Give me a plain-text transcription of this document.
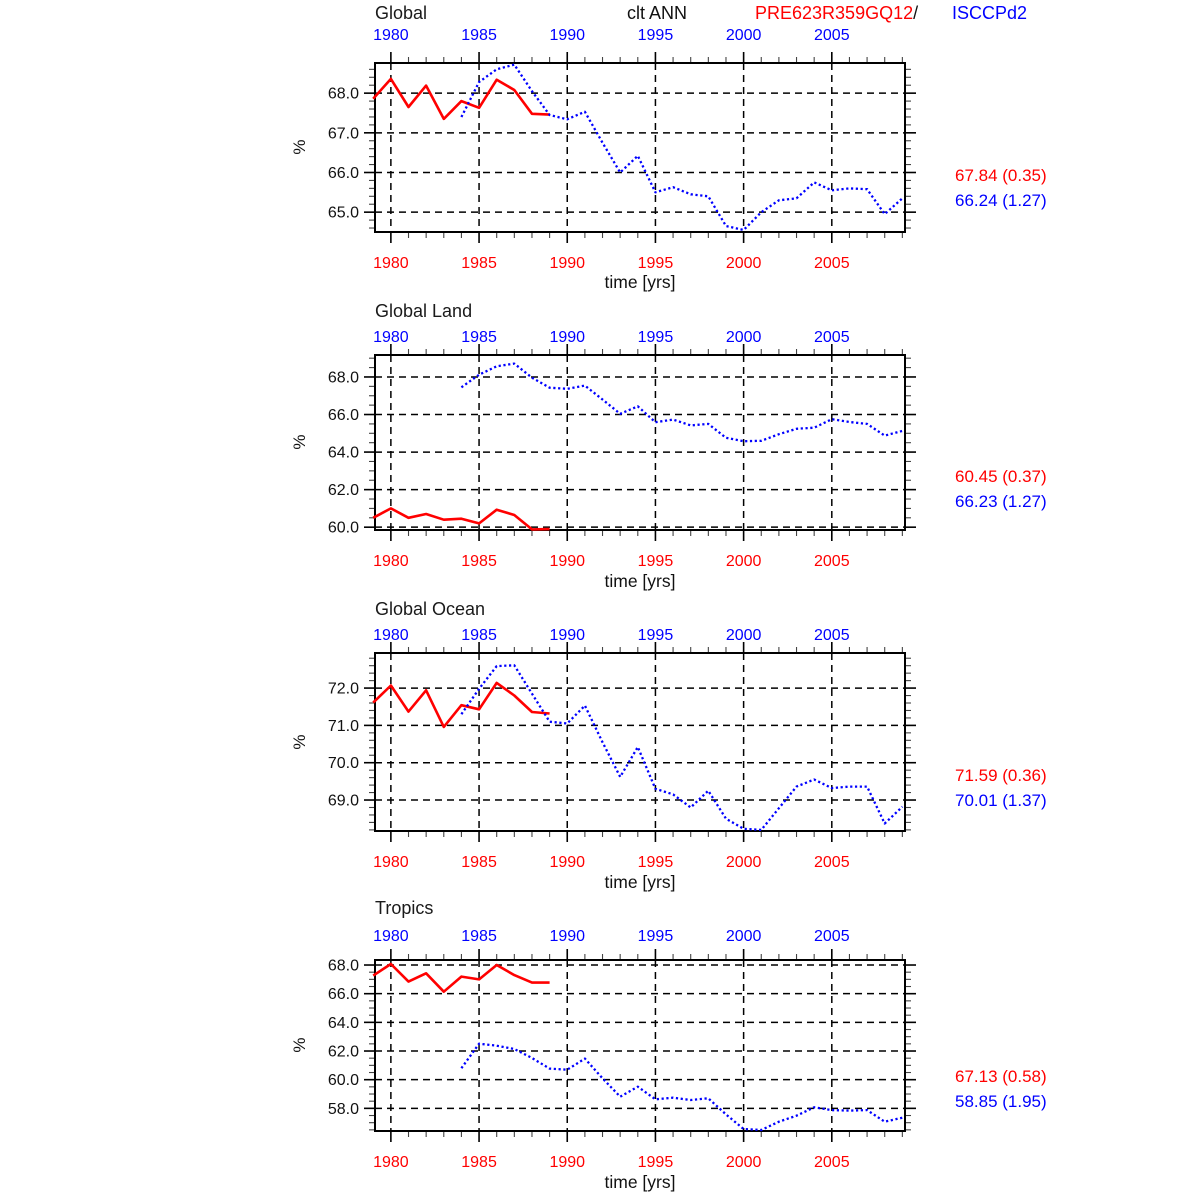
clt ANN	PRE623R359GQ12/ ISCCPd2
Global
%
65.0
66.0
67.0
68.0
1980
1980
1985
1985
1990
1990
1995
1995
2000
2000
2005
2005
67.84 (0.35)
66.24 (1.27)
time [yrs]
Global Land
%
60.0
62.0
64.0
66.0
68.0
1980
1980
1985
1985
1990
1990
1995
1995
2000
2000
2005
2005
60.45 (0.37)
66.23 (1.27)
time [yrs]
Global Ocean
%
69.0
70.0
71.0
72.0
1980
1980
1985
1985
1990
1990
1995
1995
2000
2000
2005
2005
71.59 (0.36)
70.01 (1.37)
time [yrs]
Tropics
%
58.0
60.0
62.0
64.0
66.0
68.0
1980
1980
1985
1985
1990
1990
1995
1995
2000
2000
2005
2005
67.13 (0.58)
58.85 (1.95)
time [yrs]
